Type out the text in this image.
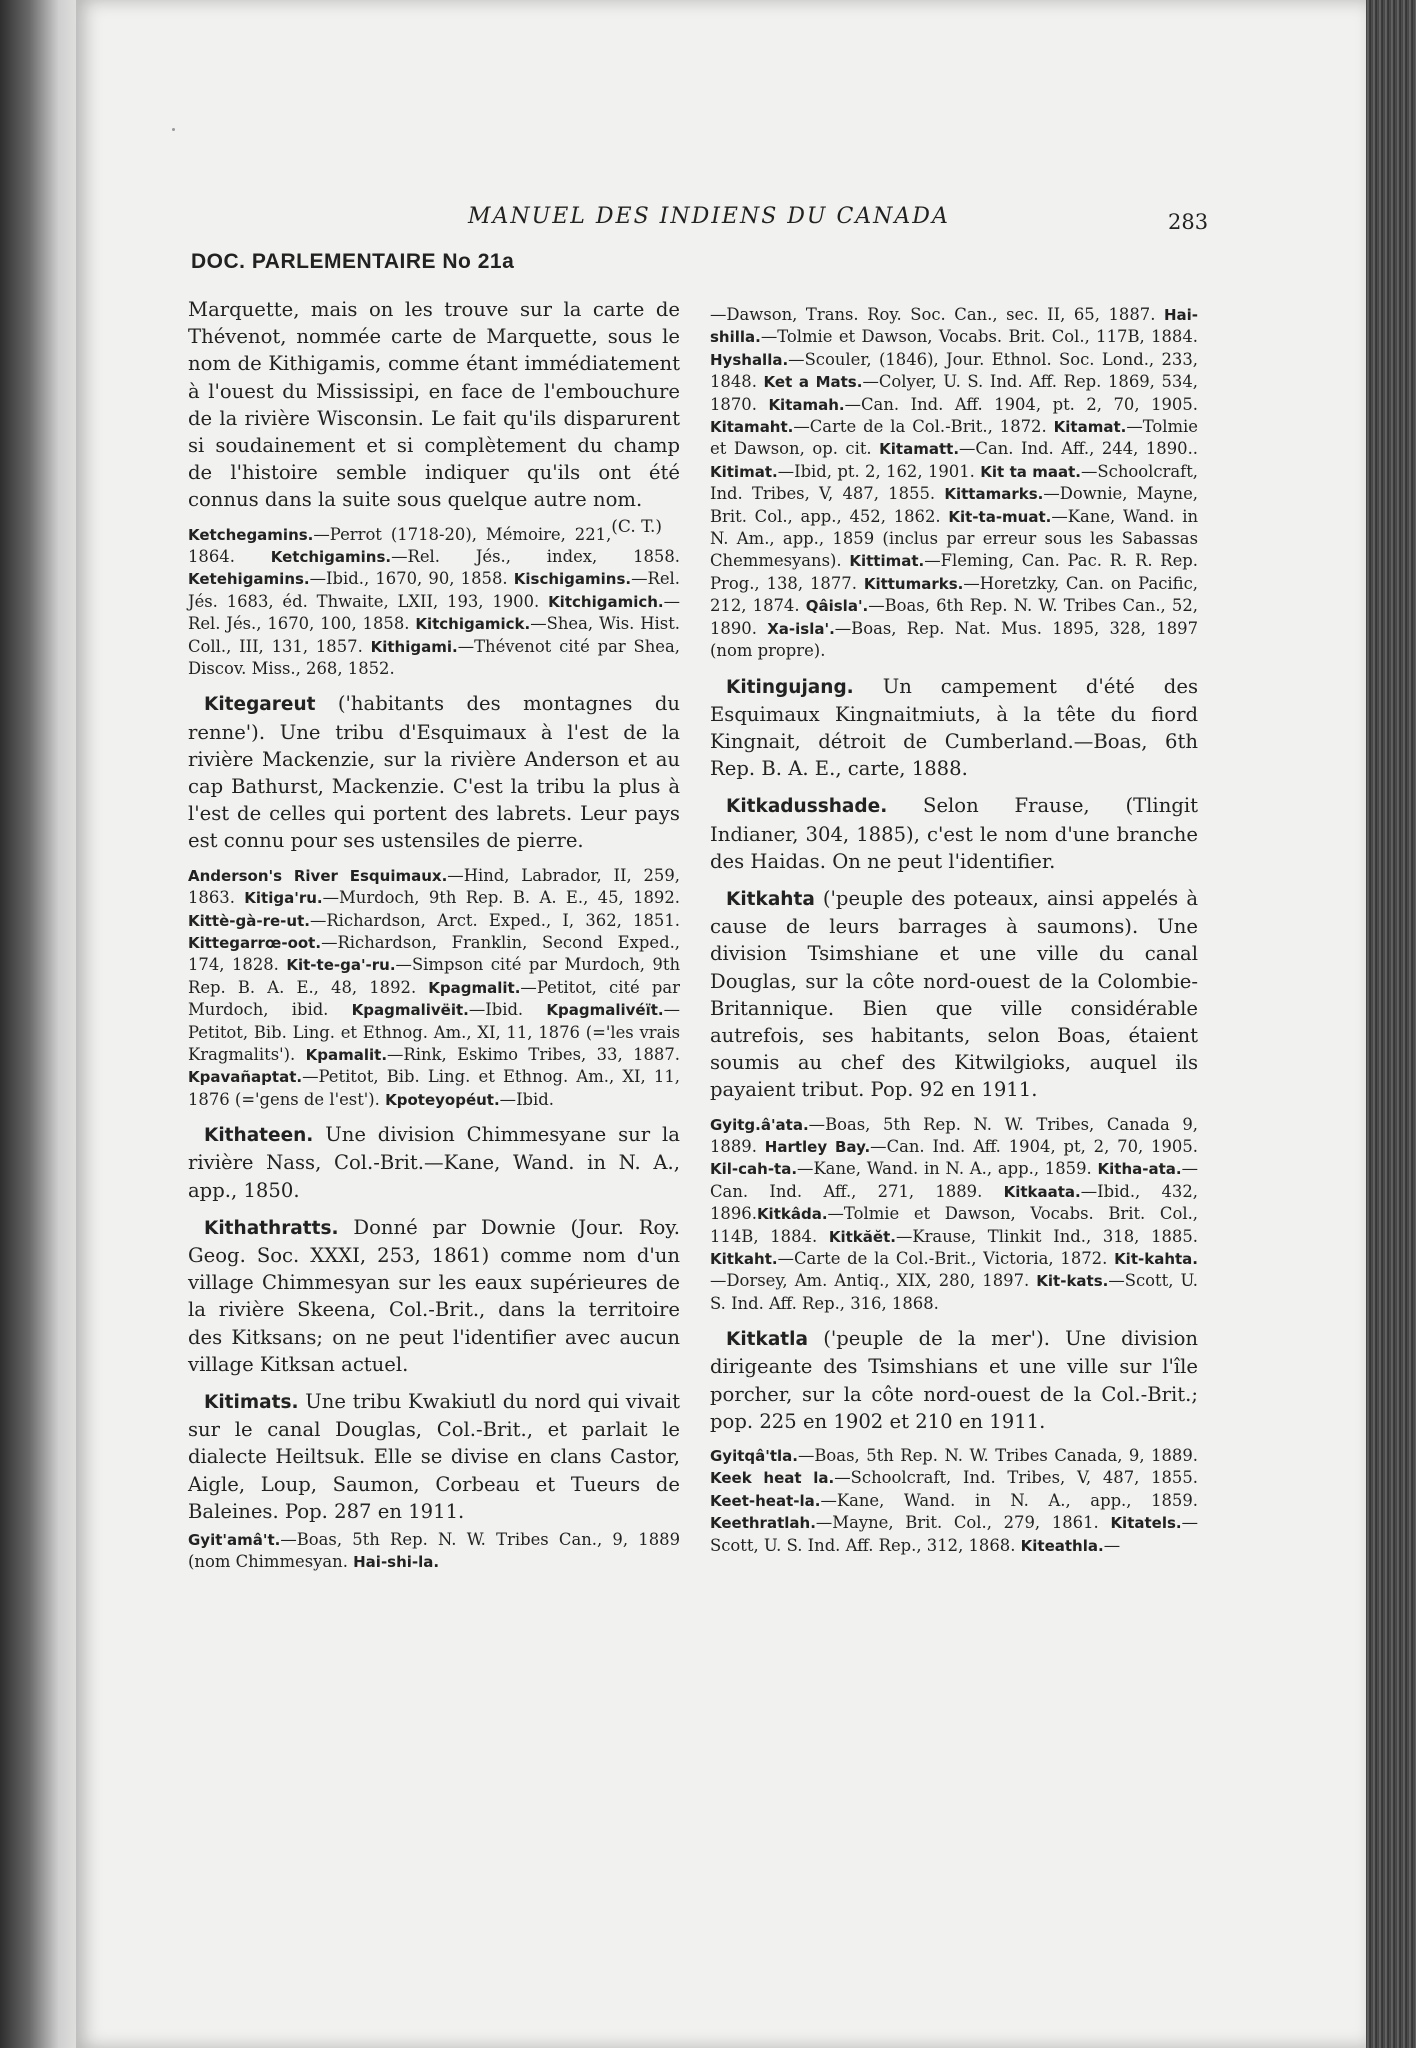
MANUEL DES INDIENS DU CANADA	283
DOC. PARLEMENTAIRE No 21a

Marquette, mais on les trouve sur la carte de Thévenot, nommée carte de Marquette, sous le nom de Kithigamis, comme étant immédiatement à l'ouest du Mississipi, en face de l'embouchure de la rivière Wisconsin. Le fait qu'ils disparurent si soudainement et si complètement du champ de l'histoire semble indiquer qu'ils ont été connus dans la suite sous quelque autre nom.
(C. T.)

Ketchegamins.—Perrot (1718-20), Mémoire, 221, 1864. Ketchigamins.—Rel. Jés., index, 1858. Ketehigamins.—Ibid., 1670, 90, 1858. Kischigamins.—Rel. Jés. 1683, éd. Thwaite, LXII, 193, 1900. Kitchigamich.—Rel. Jés., 1670, 100, 1858. Kitchigamick.—Shea, Wis. Hist. Coll., III, 131, 1857. Kithigami.—Thévenot cité par Shea, Discov. Miss., 268, 1852.

Kitegareut ('habitants des montagnes du renne'). Une tribu d'Esquimaux à l'est de la rivière Mackenzie, sur la rivière Anderson et au cap Bathurst, Mackenzie. C'est la tribu la plus à l'est de celles qui portent des labrets. Leur pays est connu pour ses ustensiles de pierre.

Anderson's River Esquimaux.—Hind, Labrador, II, 259, 1863. Kitiga'ru.—Murdoch, 9th Rep. B. A. E., 45, 1892. Kittè-gà-re-ut.—Richardson, Arct. Exped., I, 362, 1851. Kittegarrœ-oot.—Richardson, Franklin, Second Exped., 174, 1828. Kit-te-ga'-ru.—Simpson cité par Murdoch, 9th Rep. B. A. E., 48, 1892. Kpagmalit.—Petitot, cité par Murdoch, ibid. Kpagmalivëit.—Ibid. Kpagmalivéït.—Petitot, Bib. Ling. et Ethnog. Am., XI, 11, 1876 (='les vrais Kragmalits'). Kpamalit.—Rink, Eskimo Tribes, 33, 1887. Kpavañaptat.—Petitot, Bib. Ling. et Ethnog. Am., XI, 11, 1876 (='gens de l'est'). Kpoteyopéut.—Ibid.

Kithateen. Une division Chimmesyane sur la rivière Nass, Col.-Brit.—Kane, Wand. in N. A., app., 1850.

Kithathratts. Donné par Downie (Jour. Roy. Geog. Soc. XXXI, 253, 1861) comme nom d'un village Chimmesyan sur les eaux supérieures de la rivière Skeena, Col.-Brit., dans la territoire des Kitksans; on ne peut l'identifier avec aucun village Kitksan actuel.

Kitimats. Une tribu Kwakiutl du nord qui vivait sur le canal Douglas, Col.-Brit., et parlait le dialecte Heiltsuk. Elle se divise en clans Castor, Aigle, Loup, Saumon, Corbeau et Tueurs de Baleines. Pop. 287 en 1911.

Gyit'amâ't.—Boas, 5th Rep. N. W. Tribes Can., 9, 1889 (nom Chimmesyan. Hai-shi-la.

—Dawson, Trans. Roy. Soc. Can., sec. II, 65, 1887. Hai-shilla.—Tolmie et Dawson, Vocabs. Brit. Col., 117B, 1884. Hyshalla.—Scouler, (1846), Jour. Ethnol. Soc. Lond., 233, 1848. Ket a Mats.—Colyer, U. S. Ind. Aff. Rep. 1869, 534, 1870. Kitamah.—Can. Ind. Aff. 1904, pt. 2, 70, 1905. Kitamaht.—Carte de la Col.-Brit., 1872. Kitamat.—Tolmie et Dawson, op. cit. Kitamatt.—Can. Ind. Aff., 244, 1890.. Kitimat.—Ibid, pt. 2, 162, 1901. Kit ta maat.—Schoolcraft, Ind. Tribes, V, 487, 1855. Kittamarks.—Downie, Mayne, Brit. Col., app., 452, 1862. Kit-ta-muat.—Kane, Wand. in N. Am., app., 1859 (inclus par erreur sous les Sabassas Chemmesyans). Kittimat.—Fleming, Can. Pac. R. R. Rep. Prog., 138, 1877. Kittumarks.—Horetzky, Can. on Pacific, 212, 1874. Qâisla'.—Boas, 6th Rep. N. W. Tribes Can., 52, 1890. Xa-isla'.—Boas, Rep. Nat. Mus. 1895, 328, 1897 (nom propre).

Kitingujang. Un campement d'été des Esquimaux Kingnaitmiuts, à la tête du fiord Kingnait, détroit de Cumberland.—Boas, 6th Rep. B. A. E., carte, 1888.

Kitkadusshade. Selon Frause, (Tlingit Indianer, 304, 1885), c'est le nom d'une branche des Haidas. On ne peut l'identifier.

Kitkahta ('peuple des poteaux, ainsi appelés à cause de leurs barrages à saumons). Une division Tsimshiane et une ville du canal Douglas, sur la côte nord-ouest de la Colombie-Britannique. Bien que ville considérable autrefois, ses habitants, selon Boas, étaient soumis au chef des Kitwilgioks, auquel ils payaient tribut. Pop. 92 en 1911.

Gyitg.â'ata.—Boas, 5th Rep. N. W. Tribes, Canada 9, 1889. Hartley Bay.—Can. Ind. Aff. 1904, pt, 2, 70, 1905. Kil-cah-ta.—Kane, Wand. in N. A., app., 1859. Kitha-ata.—Can. Ind. Aff., 271, 1889. Kitkaata.—Ibid., 432, 1896.Kitkâda.—Tolmie et Dawson, Vocabs. Brit. Col., 114B, 1884. Kitkăĕt.—Krause, Tlinkit Ind., 318, 1885. Kitkaht.—Carte de la Col.-Brit., Victoria, 1872. Kit-kahta.—Dorsey, Am. Antiq., XIX, 280, 1897. Kit-kats.—Scott, U. S. Ind. Aff. Rep., 316, 1868.

Kitkatla ('peuple de la mer'). Une division dirigeante des Tsimshians et une ville sur l'île porcher, sur la côte nord-ouest de la Col.-Brit.; pop. 225 en 1902 et 210 en 1911.

Gyitqâ'tla.—Boas, 5th Rep. N. W. Tribes Canada, 9, 1889. Keek heat la.—Schoolcraft, Ind. Tribes, V, 487, 1855. Keet-heat-la.—Kane, Wand. in N. A., app., 1859. Keethratlah.—Mayne, Brit. Col., 279, 1861. Kitatels.—Scott, U. S. Ind. Aff. Rep., 312, 1868. Kiteathla.—
